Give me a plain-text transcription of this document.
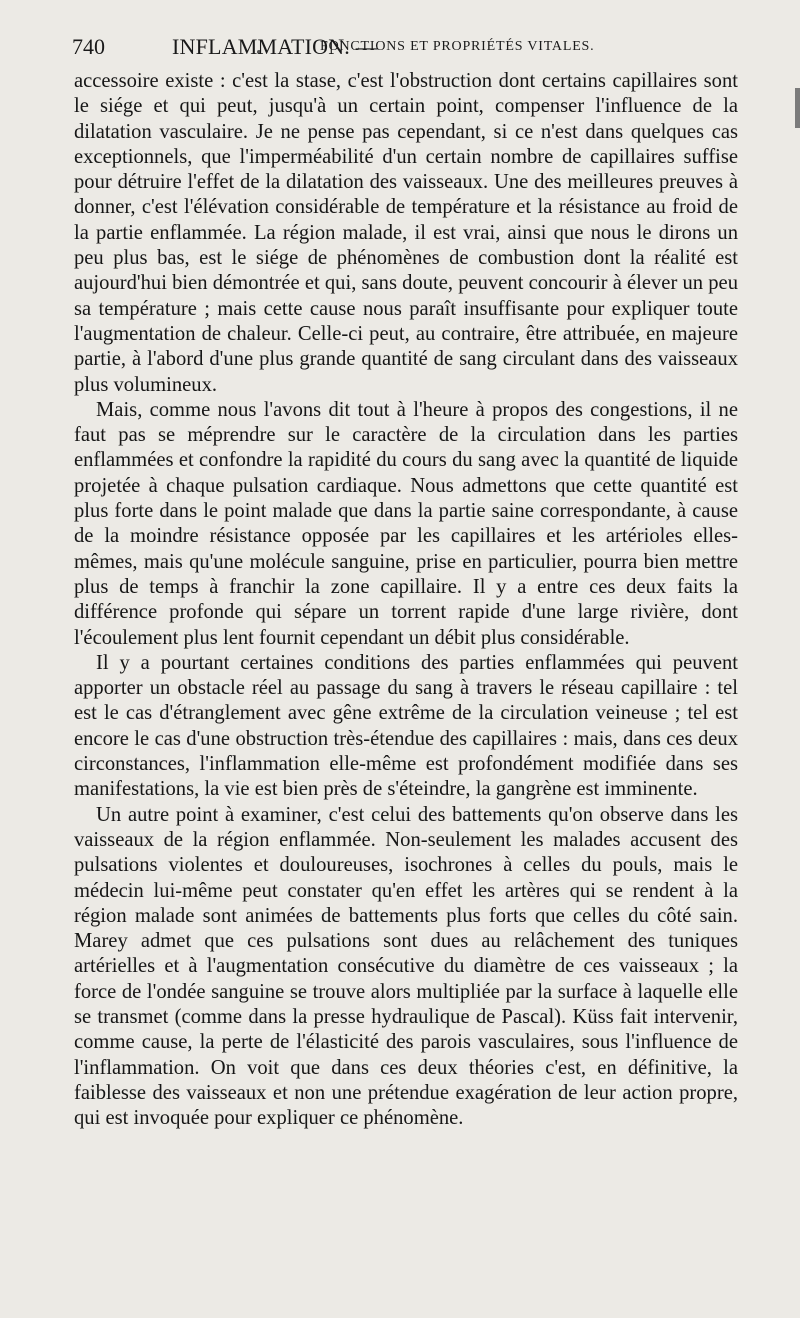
740	INFLAMMATION. —
FONCTIONS ET PROPRIÉTÉS VITALES.

accessoire existe : c'est la stase, c'est l'obstruction dont certains capillaires sont le siége et qui peut, jusqu'à un certain point, compenser l'influence de la dilatation vasculaire. Je ne pense pas cependant, si ce n'est dans quelques cas exceptionnels, que l'imperméabilité d'un certain nombre de capillaires suffise pour détruire l'effet de la dilatation des vaisseaux. Une des meilleures preuves à donner, c'est l'élévation considérable de température et la résistance au froid de la partie enflammée. La région malade, il est vrai, ainsi que nous le dirons un peu plus bas, est le siége de phénomènes de combustion dont la réalité est aujourd'hui bien démontrée et qui, sans doute, peuvent concourir à élever un peu sa température ; mais cette cause nous paraît insuffisante pour expliquer toute l'augmentation de chaleur. Celle-ci peut, au contraire, être attribuée, en majeure partie, à l'abord d'une plus grande quantité de sang circulant dans des vaisseaux plus volumineux.

Mais, comme nous l'avons dit tout à l'heure à propos des congestions, il ne faut pas se méprendre sur le caractère de la circulation dans les parties enflammées et confondre la rapidité du cours du sang avec la quantité de liquide projetée à chaque pulsation cardiaque. Nous admettons que cette quantité est plus forte dans le point malade que dans la partie saine correspondante, à cause de la moindre résistance opposée par les capillaires et les artérioles elles-mêmes, mais qu'une molécule sanguine, prise en particulier, pourra bien mettre plus de temps à franchir la zone capillaire. Il y a entre ces deux faits la différence profonde qui sépare un torrent rapide d'une large rivière, dont l'écoulement plus lent fournit cependant un débit plus considérable.

Il y a pourtant certaines conditions des parties enflammées qui peuvent apporter un obstacle réel au passage du sang à travers le réseau capillaire : tel est le cas d'étranglement avec gêne extrême de la circulation veineuse ; tel est encore le cas d'une obstruction très-étendue des capillaires : mais, dans ces deux circonstances, l'inflammation elle-même est profondément modifiée dans ses manifestations, la vie est bien près de s'éteindre, la gangrène est imminente.

Un autre point à examiner, c'est celui des battements qu'on observe dans les vaisseaux de la région enflammée. Non-seulement les malades accusent des pulsations violentes et douloureuses, isochrones à celles du pouls, mais le médecin lui-même peut constater qu'en effet les artères qui se rendent à la région malade sont animées de battements plus forts que celles du côté sain. Marey admet que ces pulsations sont dues au relâchement des tuniques artérielles et à l'augmentation consécutive du diamètre de ces vaisseaux ; la force de l'ondée sanguine se trouve alors multipliée par la surface à laquelle elle se transmet (comme dans la presse hydraulique de Pascal). Küss fait intervenir, comme cause, la perte de l'élasticité des parois vasculaires, sous l'influence de l'inflammation. On voit que dans ces deux théories c'est, en définitive, la faiblesse des vaisseaux et non une prétendue exagération de leur action propre, qui est invoquée pour expliquer ce phénomène.
